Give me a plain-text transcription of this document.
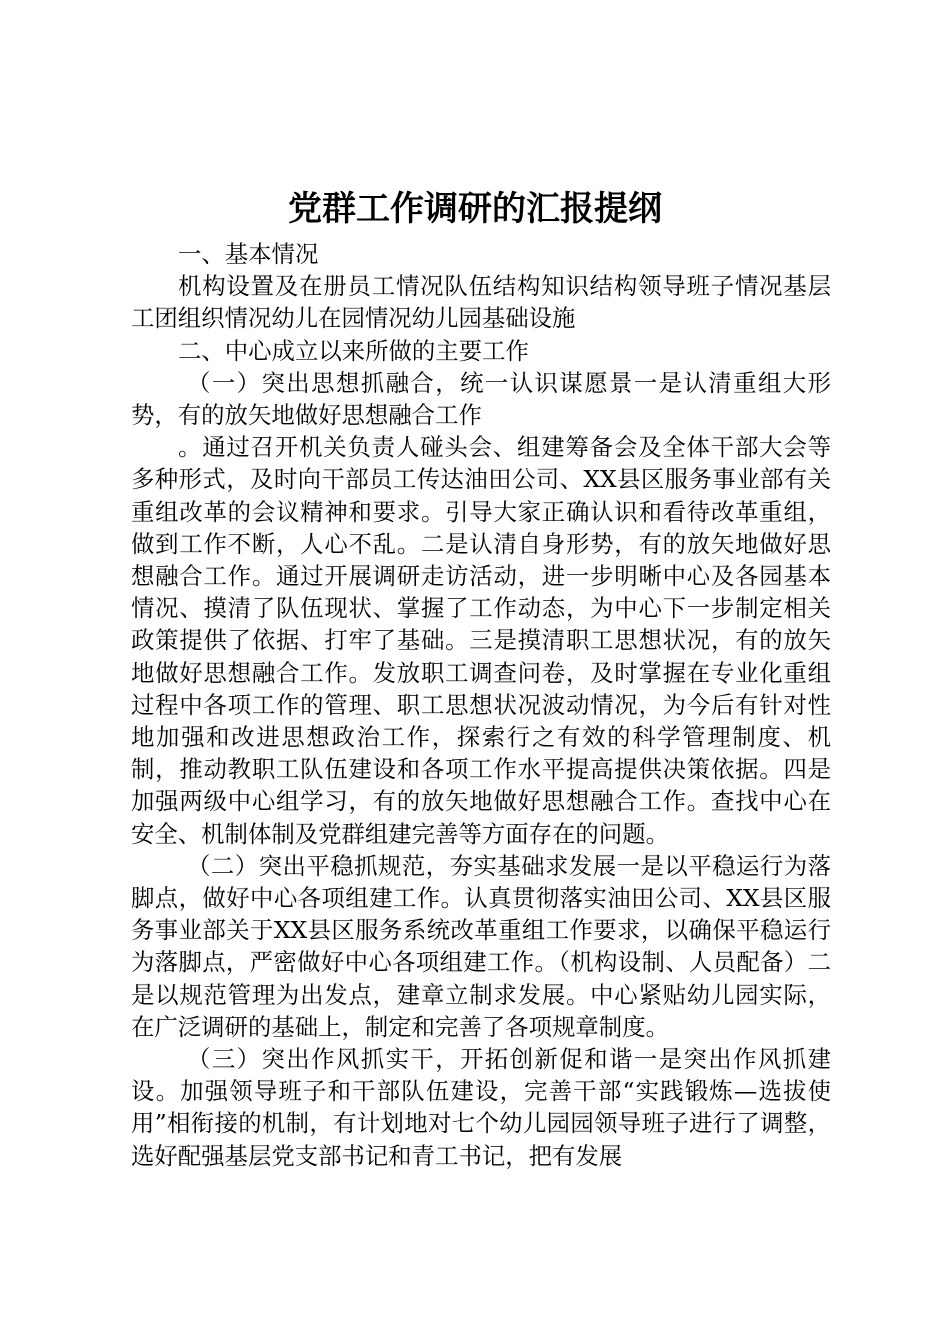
党群工作调研的汇报提纲

一、基本情况

机构设置及在册员工情况队伍结构知识结构领导班子情况基层工团组织情况幼儿在园情况幼儿园基础设施

二、中心成立以来所做的主要工作

（一）突出思想抓融合，统一认识谋愿景一是认清重组大形势，有的放矢地做好思想融合工作

。通过召开机关负责人碰头会、组建筹备会及全体干部大会等多种形式，及时向干部员工传达油田公司、XX县区服务事业部有关重组改革的会议精神和要求。引导大家正确认识和看待改革重组，做到工作不断，人心不乱。二是认清自身形势，有的放矢地做好思想融合工作。通过开展调研走访活动，进一步明晰中心及各园基本情况、摸清了队伍现状、掌握了工作动态，为中心下一步制定相关政策提供了依据、打牢了基础。三是摸清职工思想状况，有的放矢地做好思想融合工作。发放职工调查问卷，及时掌握在专业化重组过程中各项工作的管理、职工思想状况波动情况，为今后有针对性地加强和改进思想政治工作，探索行之有效的科学管理制度、机制，推动教职工队伍建设和各项工作水平提高提供决策依据。四是加强两级中心组学习，有的放矢地做好思想融合工作。查找中心在安全、机制体制及党群组建完善等方面存在的问题。

（二）突出平稳抓规范，夯实基础求发展一是以平稳运行为落脚点，做好中心各项组建工作。认真贯彻落实油田公司、XX县区服务事业部关于XX县区服务系统改革重组工作要求，以确保平稳运行为落脚点，严密做好中心各项组建工作。（机构设制、人员配备）二是以规范管理为出发点，建章立制求发展。中心紧贴幼儿园实际，在广泛调研的基础上，制定和完善了各项规章制度。

（三）突出作风抓实干，开拓创新促和谐一是突出作风抓建设。加强领导班子和干部队伍建设，完善干部“实践锻炼—选拔使用”相衔接的机制，有计划地对七个幼儿园园领导班子进行了调整，选好配强基层党支部书记和青工书记，把有发展
